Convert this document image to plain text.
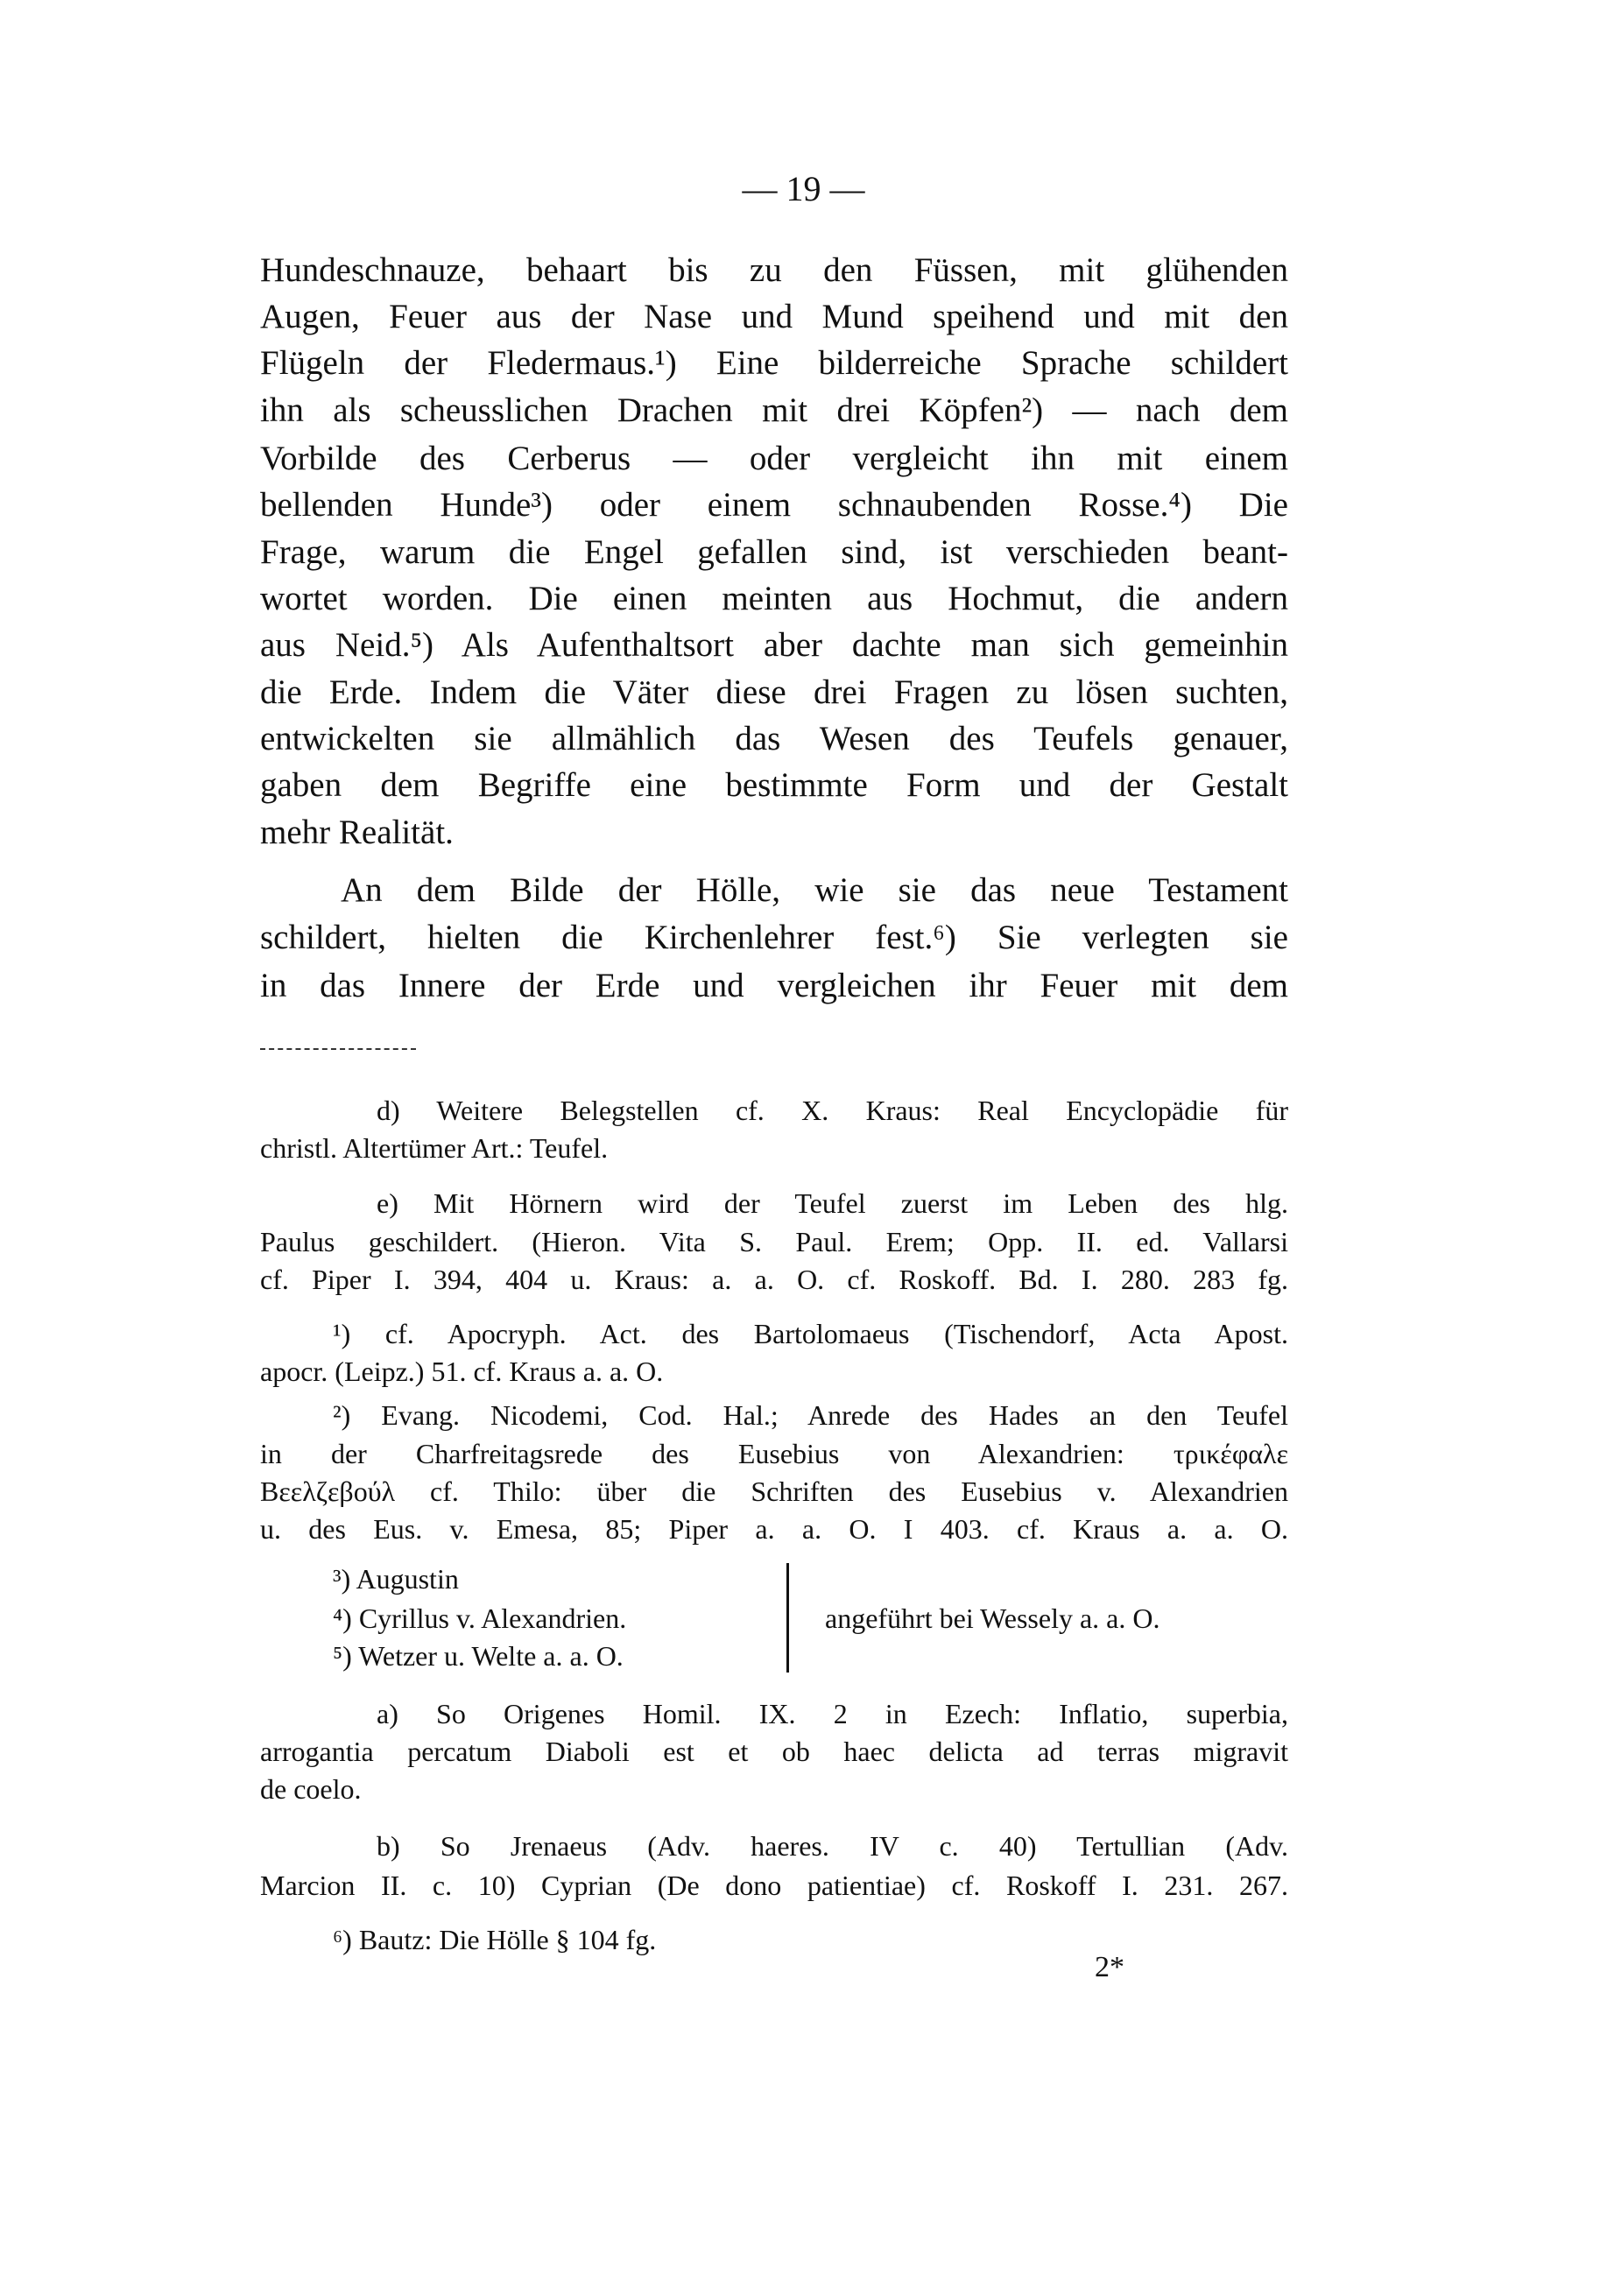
— 19 —
2*
Hundeschnauze, behaart bis zu den Füssen, mit glühenden
Augen, Feuer aus der Nase und Mund speihend und mit den
Flügeln der Fledermaus.¹) Eine bilderreiche Sprache schildert
ihn als scheusslichen Drachen mit drei Köpfen²) — nach dem
Vorbilde des Cerberus — oder vergleicht ihn mit einem
bellenden Hunde³) oder einem schnaubenden Rosse.⁴) Die
Frage, warum die Engel gefallen sind, ist verschieden beant-
wortet worden. Die einen meinten aus Hochmut, die andern
aus Neid.⁵) Als Aufenthaltsort aber dachte man sich gemeinhin
die Erde. Indem die Väter diese drei Fragen zu lösen suchten,
entwickelten sie allmählich das Wesen des Teufels genauer,
gaben dem Begriffe eine bestimmte Form und der Gestalt
mehr Realität.
An dem Bilde der Hölle, wie sie das neue Testament
schildert, hielten die Kirchenlehrer fest.⁶) Sie verlegten sie
in das Innere der Erde und vergleichen ihr Feuer mit dem
d) Weitere Belegstellen cf. X. Kraus: Real Encyclopädie für
christl. Altertümer Art.: Teufel.
e) Mit Hörnern wird der Teufel zuerst im Leben des hlg.
Paulus geschildert. (Hieron. Vita S. Paul. Erem; Opp. II. ed. Vallarsi
cf. Piper I. 394, 404 u. Kraus: a. a. O. cf. Roskoff. Bd. I. 280. 283 fg.
¹) cf. Apocryph. Act. des Bartolomaeus (Tischendorf, Acta Apost.
apocr. (Leipz.) 51. cf. Kraus a. a. O.
²) Evang. Nicodemi, Cod. Hal.; Anrede des Hades an den Teufel
in der Charfreitagsrede des Eusebius von Alexandrien: τρικέφαλε
Βεελζεβούλ cf. Thilo: über die Schriften des Eusebius v. Alexandrien
u. des Eus. v. Emesa, 85; Piper a. a. O. I 403. cf. Kraus a. a. O.
³) Augustin
⁴) Cyrillus v. Alexandrien.
⁵) Wetzer u. Welte a. a. O.
angeführt bei Wessely a. a. O.
a) So Origenes Homil. IX. 2 in Ezech: Inflatio, superbia,
arrogantia percatum Diaboli est et ob haec delicta ad terras migravit
de coelo.
b) So Jrenaeus (Adv. haeres. IV c. 40) Tertullian (Adv.
Marcion II. c. 10) Cyprian (De dono patientiae) cf. Roskoff I. 231. 267.
⁶) Bautz: Die Hölle § 104 fg.
